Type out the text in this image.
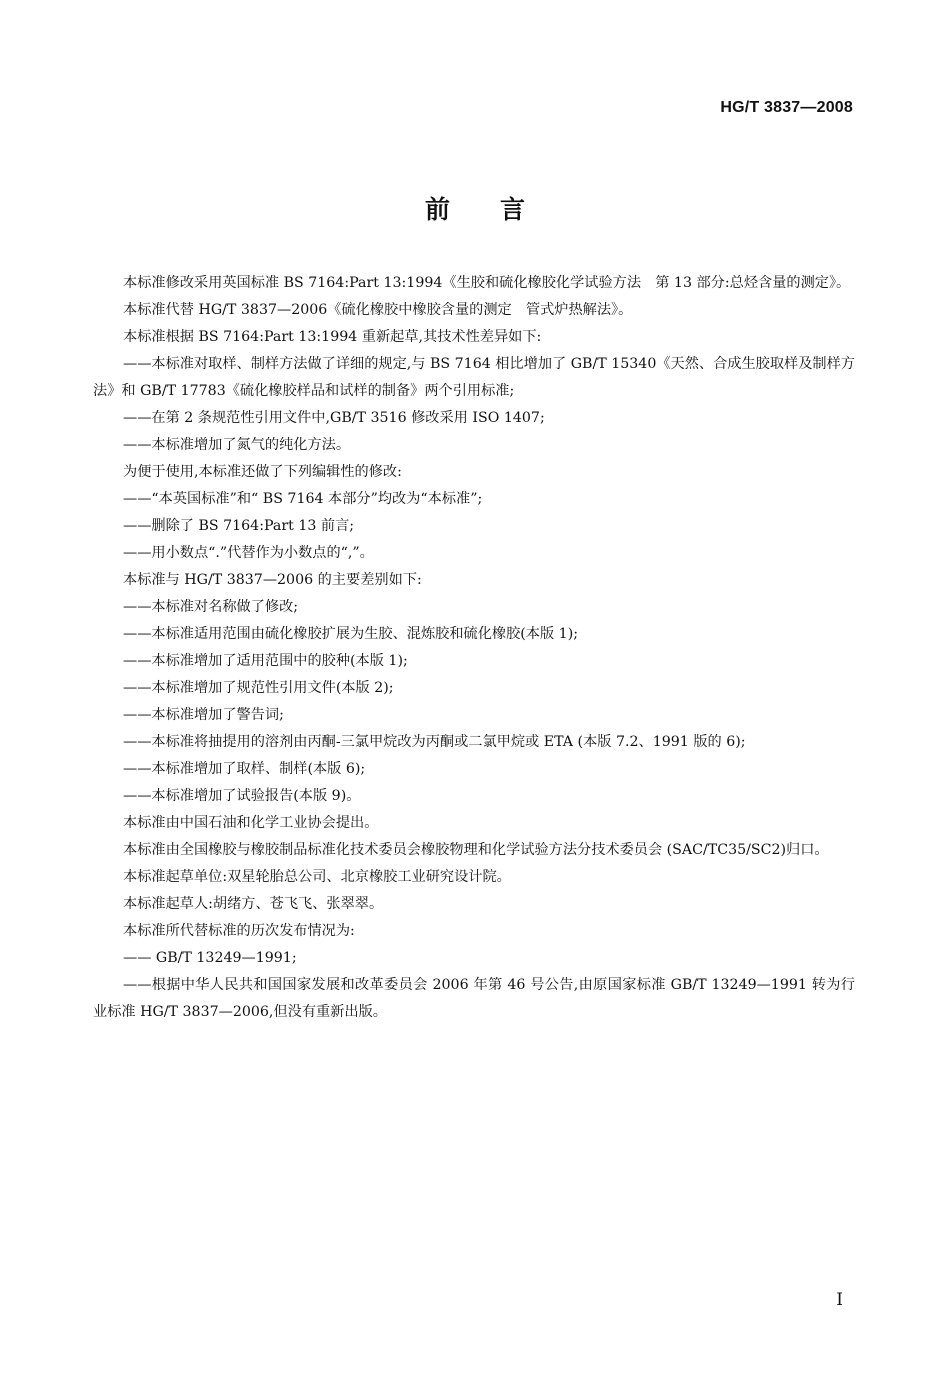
HG/T 3837—2008
前言

本标准修改采用英国标准 BS 7164:Part 13:1994《生胶和硫化橡胶化学试验方法　第 13 部分:总烃含量的测定》。

本标准代替 HG/T 3837—2006《硫化橡胶中橡胶含量的测定　管式炉热解法》。

本标准根据 BS 7164:Part 13:1994 重新起草,其技术性差异如下:

——本标准对取样、制样方法做了详细的规定,与 BS 7164 相比增加了 GB/T 15340《天然、合成生胶取样及制样方法》和 GB/T 17783《硫化橡胶样品和试样的制备》两个引用标准;

——在第 2 条规范性引用文件中,GB/T 3516 修改采用 ISO 1407;

——本标准增加了氮气的纯化方法。

为便于使用,本标准还做了下列编辑性的修改:

——“本英国标准”和“ BS 7164 本部分”均改为“本标准”;

——删除了 BS 7164:Part 13 前言;

——用小数点“.”代替作为小数点的“,”。

本标准与 HG/T 3837—2006 的主要差别如下:

——本标准对名称做了修改;

——本标准适用范围由硫化橡胶扩展为生胶、混炼胶和硫化橡胶(本版 1);

——本标准增加了适用范围中的胶种(本版 1);

——本标准增加了规范性引用文件(本版 2);

——本标准增加了警告词;

——本标准将抽提用的溶剂由丙酮-三氯甲烷改为丙酮或二氯甲烷或 ETA (本版 7.2、1991 版的 6);

——本标准增加了取样、制样(本版 6);

——本标准增加了试验报告(本版 9)。

本标准由中国石油和化学工业协会提出。

本标准由全国橡胶与橡胶制品标准化技术委员会橡胶物理和化学试验方法分技术委员会 (SAC/TC35/SC2)归口。

本标准起草单位:双星轮胎总公司、北京橡胶工业研究设计院。

本标准起草人:胡绪方、苍飞飞、张翠翠。

本标准所代替标准的历次发布情况为:

—— GB/T 13249—1991;

——根据中华人民共和国国家发展和改革委员会 2006 年第 46 号公告,由原国家标准 GB/T 13249—1991 转为行业标准 HG/T 3837—2006,但没有重新出版。

I
